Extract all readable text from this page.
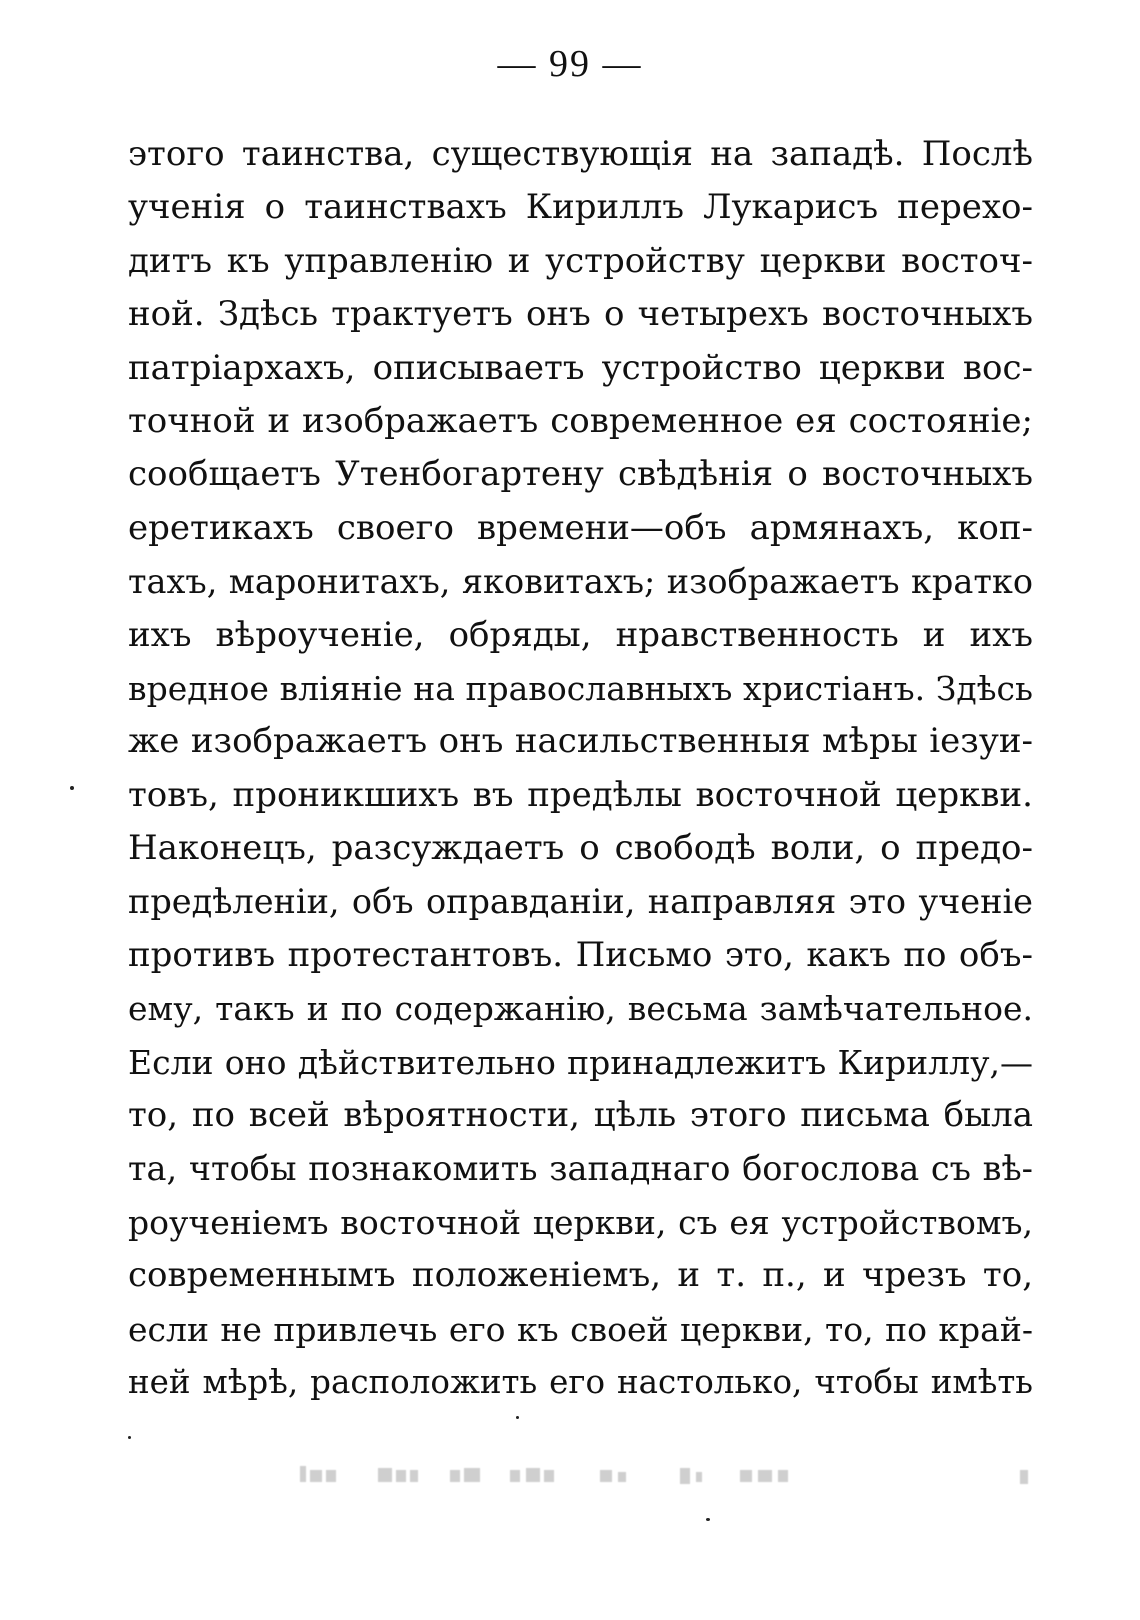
— 99 —
этого таинства, существующія на западѣ. Послѣ
ученія о таинствахъ Кириллъ Лукарисъ перехо-
дитъ къ управленію и устройству церкви восточ-
ной. Здѣсь трактуетъ онъ о четырехъ восточныхъ
патріархахъ, описываетъ устройство церкви вос-
точной и изображаетъ современное ея состояніе;
сообщаетъ Утенбогартену свѣдѣнія о восточныхъ
еретикахъ своего времени—объ армянахъ, коп-
тахъ, маронитахъ, яковитахъ; изображаетъ кратко
ихъ вѣроученіе, обряды, нравственность и ихъ
вредное вліяніе на православныхъ христіанъ. Здѣсь
же изображаетъ онъ насильственныя мѣры іезуи-
товъ, проникшихъ въ предѣлы восточной церкви.
Наконецъ, разсуждаетъ о свободѣ воли, о предо-
предѣленіи, объ оправданіи, направляя это ученіе
противъ протестантовъ. Письмо это, какъ по объ-
ему, такъ и по содержанію, весьма замѣчательное.
Если оно дѣйствительно принадлежитъ Кириллу,—
то, по всей вѣроятности, цѣль этого письма была
та, чтобы познакомить западнаго богослова съ вѣ-
роученіемъ восточной церкви, съ ея устройствомъ,
современнымъ положеніемъ, и т. п., и чрезъ то,
если не привлечь его къ своей церкви, то, по край-
ней мѣрѣ, расположить его настолько, чтобы имѣть
